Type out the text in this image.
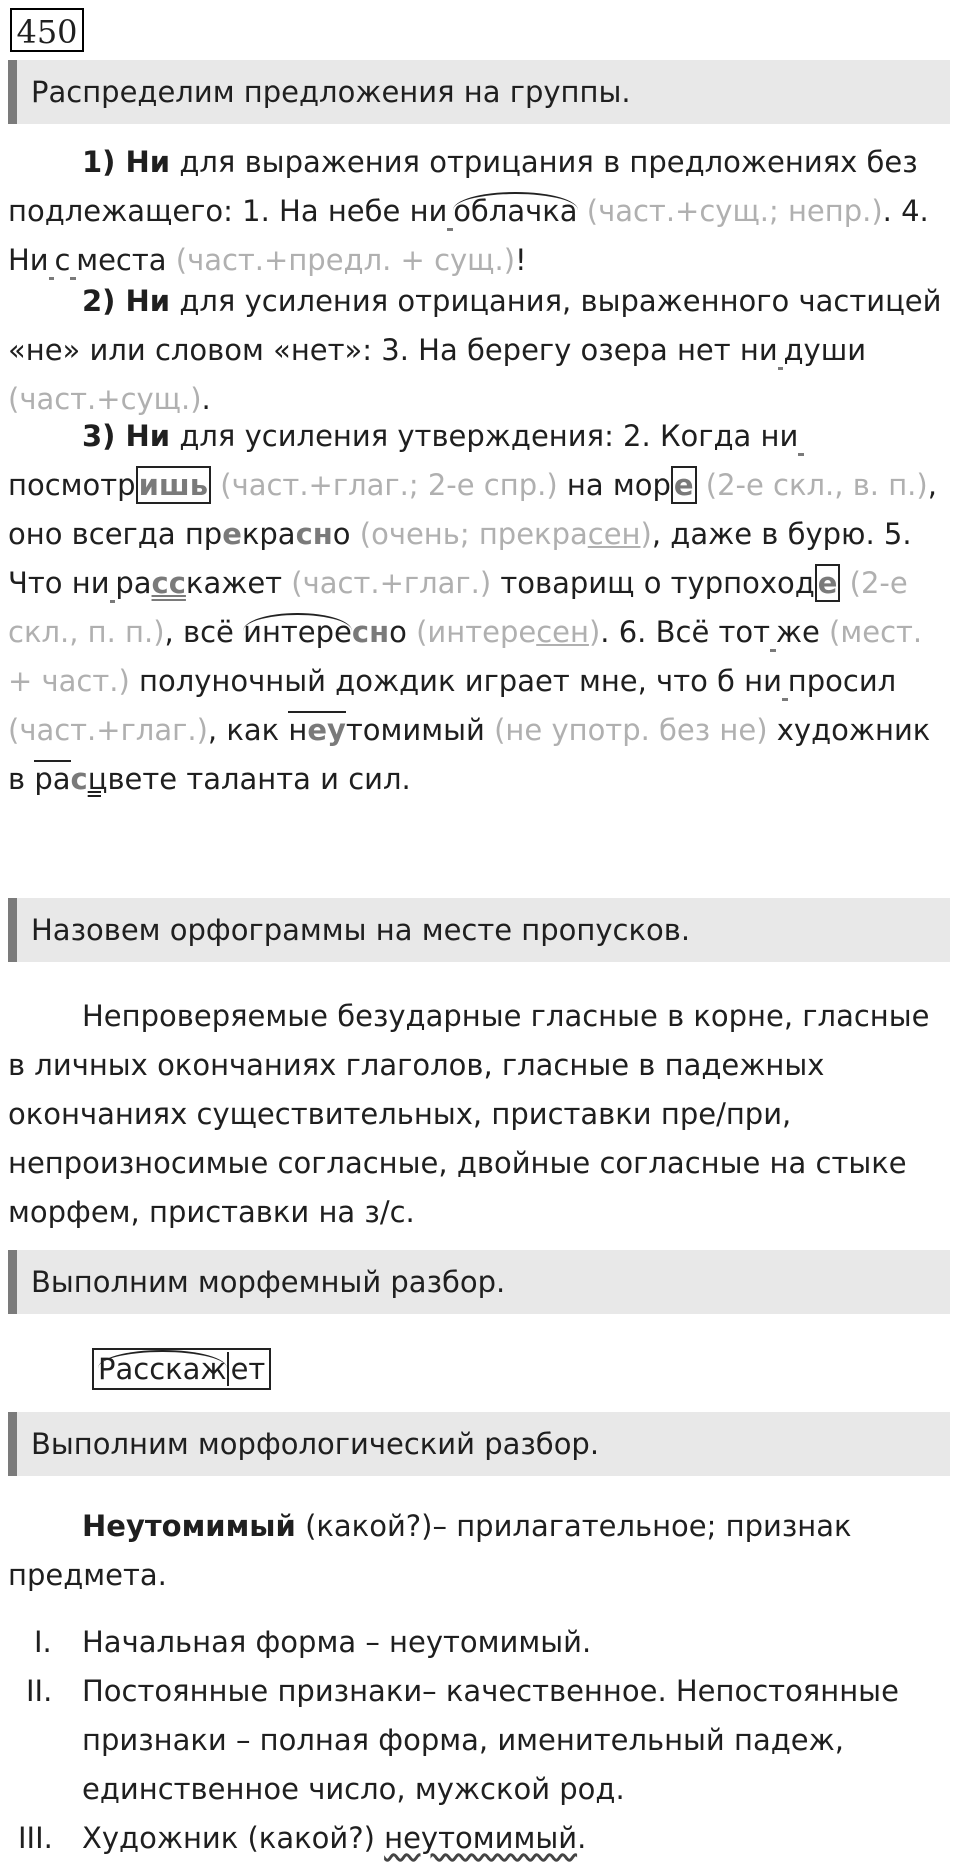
450
Распределим предложения на группы.

1) Ни для выражения отрицания в предложениях без подлежащего: 1. На небе ни  облачка (част.+сущ.; непр.). 4. Ни  с  места (част.+предл. + сущ.)!

2) Ни для усиления отрицания, выраженного частицей «не» или словом «нет»: 3. На берегу озера нет ни  души (част.+сущ.).

3) Ни для усиления утверждения: 2. Когда ни посмотр ишь (част.+глаг.; 2-е спр.) на мор е (2-е скл., в. п.), оно всегда прекрасно (очень; прекрасен), даже в бурю. 5. Что ни  расскажет (част.+глаг.) товарищ о турпоход е (2-е скл., п. п.), всё интересно (интересен). 6. Всё тот  же (мест. + част.) полуночный дождик играет мне, что б ни  просил (част.+глаг.), как неутомимый (не употр. без не) художник в расцвете таланта и сил.

Назовем орфограммы на месте пропусков.

Непроверяемые безударные гласные в корне, гласные в личных окончаниях глаголов, гласные в падежных окончаниях существительных, приставки пре/при, непроизносимые согласные, двойные согласные на стыке морфем, приставки на з/с.

Выполним морфемный разбор.
Расскаж ет
Выполним морфологический разбор.

Неутомимый (какой?)– прилагательное; признак предмета.

I.	Начальная форма – неутомимый.
II.	Постоянные признаки– качественное. Непостоянные признаки – полная форма, именительный падеж, единственное число, мужской род.
III.	Художник (какой?) неутомимый.
